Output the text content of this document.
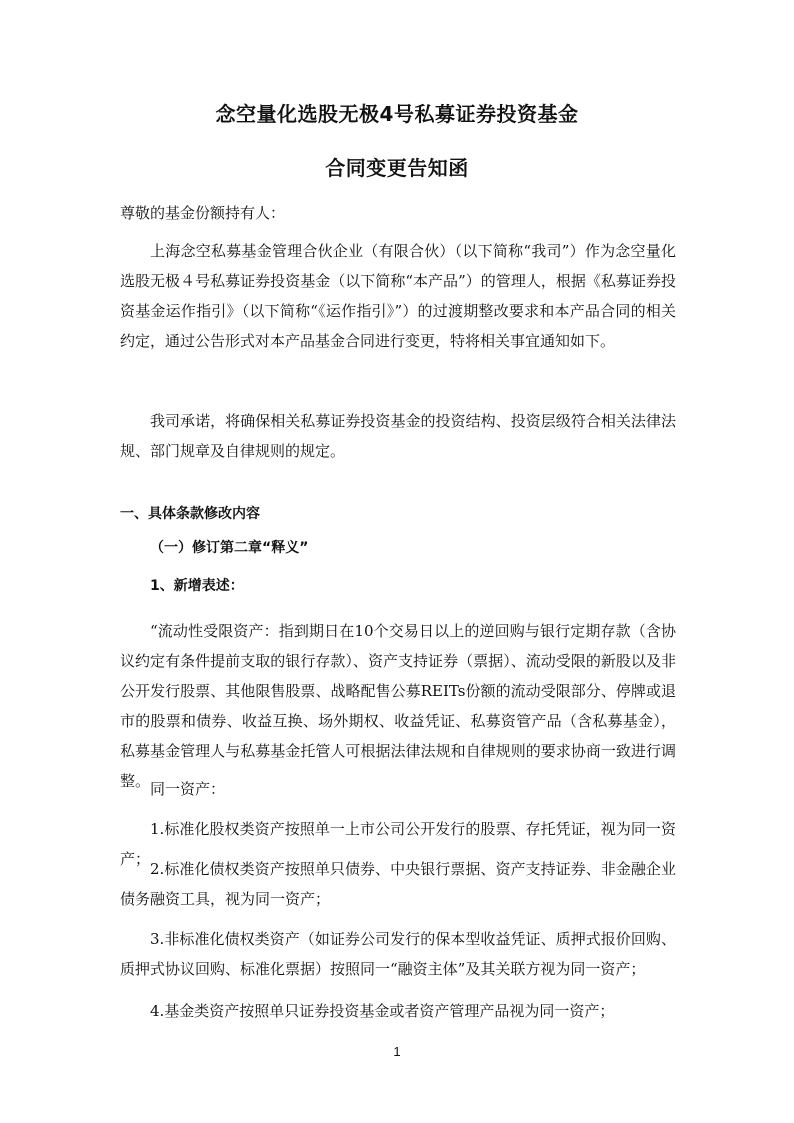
念空量化选股无极4号私募证券投资基金
合同变更告知函

尊敬的基金份额持有人：

上海念空私募基金管理合伙企业（有限合伙）（以下简称“我司”）作为念空量化选股无极４号私募证券投资基金（以下简称“本产品”）的管理人，根据《私募证券投资基金运作指引》（以下简称“《运作指引》”）的过渡期整改要求和本产品合同的相关约定，通过公告形式对本产品基金合同进行变更，特将相关事宜通知如下。

我司承诺，将确保相关私募证券投资基金的投资结构、投资层级符合相关法律法规、部门规章及自律规则的规定。

一、具体条款修改内容
（一）修订第二章“释义”
1、新增表述：

“流动性受限资产：指到期日在10个交易日以上的逆回购与银行定期存款（含协议约定有条件提前支取的银行存款）、资产支持证券（票据）、流动受限的新股以及非公开发行股票、其他限售股票、战略配售公募REITs份额的流动受限部分、停牌或退市的股票和债券、收益互换、场外期权、收益凭证、私募资管产品（含私募基金），私募基金管理人与私募基金托管人可根据法律法规和自律规则的要求协商一致进行调整。 同一资产：

1.标准化股权类资产按照单一上市公司公开发行的股票、存托凭证，视为同一资产；

2.标准化债权类资产按照单只债券、中央银行票据、资产支持证券、非金融企业债务融资工具，视为同一资产；

3.非标准化债权类资产（如证券公司发行的保本型收益凭证、质押式报价回购、质押式协议回购、标准化票据）按照同一“融资主体”及其关联方视为同一资产；

4.基金类资产按照单只证券投资基金或者资产管理产品视为同一资产；

1
